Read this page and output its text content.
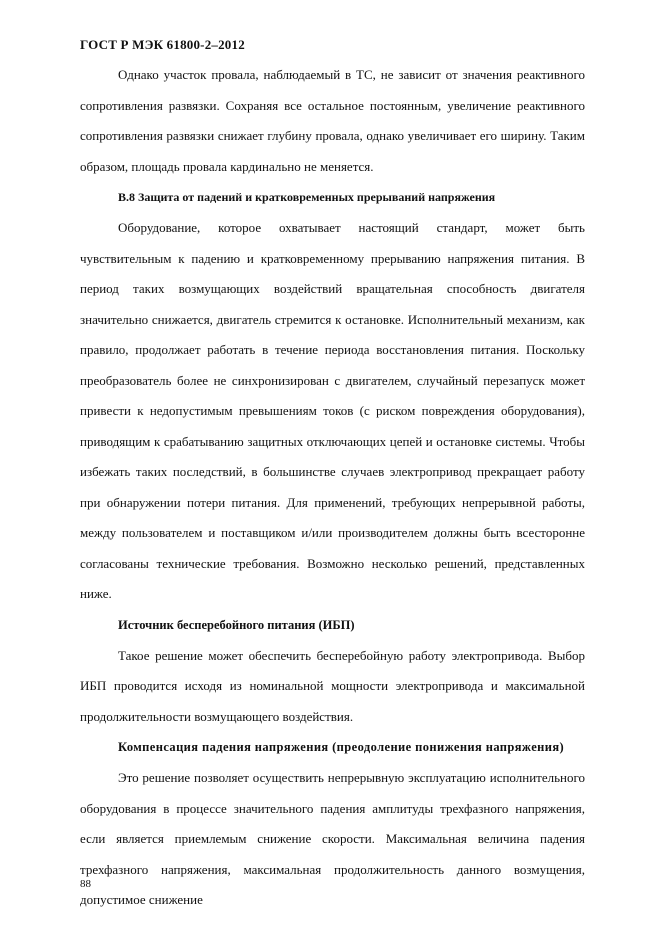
ГОСТ Р МЭК 61800-2–2012

Однако участок провала, наблюдаемый в ТС, не зависит от значения реактивного сопротивления развязки. Сохраняя все остальное постоянным, увеличение реактивного сопротивления развязки снижает глубину провала, однако увеличивает его ширину. Таким образом, площадь провала кардинально не меняется.

В.8 Защита от падений и кратковременных прерываний напряжения

Оборудование, которое охватывает настоящий стандарт, может быть чувствительным к падению и кратковременному прерыванию напряжения питания. В период таких возмущающих воздействий вращательная способность двигателя значительно снижается, двигатель стремится к остановке. Исполнительный механизм, как правило, продолжает работать в течение периода восстановления питания. Поскольку преобразователь более не синхронизирован с двигателем, случайный перезапуск может привести к недопустимым превышениям токов (с риском повреждения оборудования), приводящим к срабатыванию защитных отключающих цепей и остановке системы. Чтобы избежать таких последствий, в большинстве случаев электропривод прекращает работу при обнаружении потери питания. Для применений, требующих непрерывной работы, между пользователем и поставщиком и/или производителем должны быть всесторонне согласованы технические требования. Возможно несколько решений, представленных ниже.

Источник бесперебойного питания (ИБП)

Такое решение может обеспечить бесперебойную работу электропривода. Выбор ИБП проводится исходя из номинальной мощности электропривода и максимальной продолжительности возмущающего воздействия.

Компенсация падения напряжения (преодоление понижения напряжения)

Это решение позволяет осуществить непрерывную эксплуатацию исполнительного оборудования в процессе значительного падения амплитуды трехфазного напряжения, если является приемлемым снижение скорости. Максимальная величина падения трехфазного напряжения, максимальная продолжительность данного возмущения, допустимое снижение

88
